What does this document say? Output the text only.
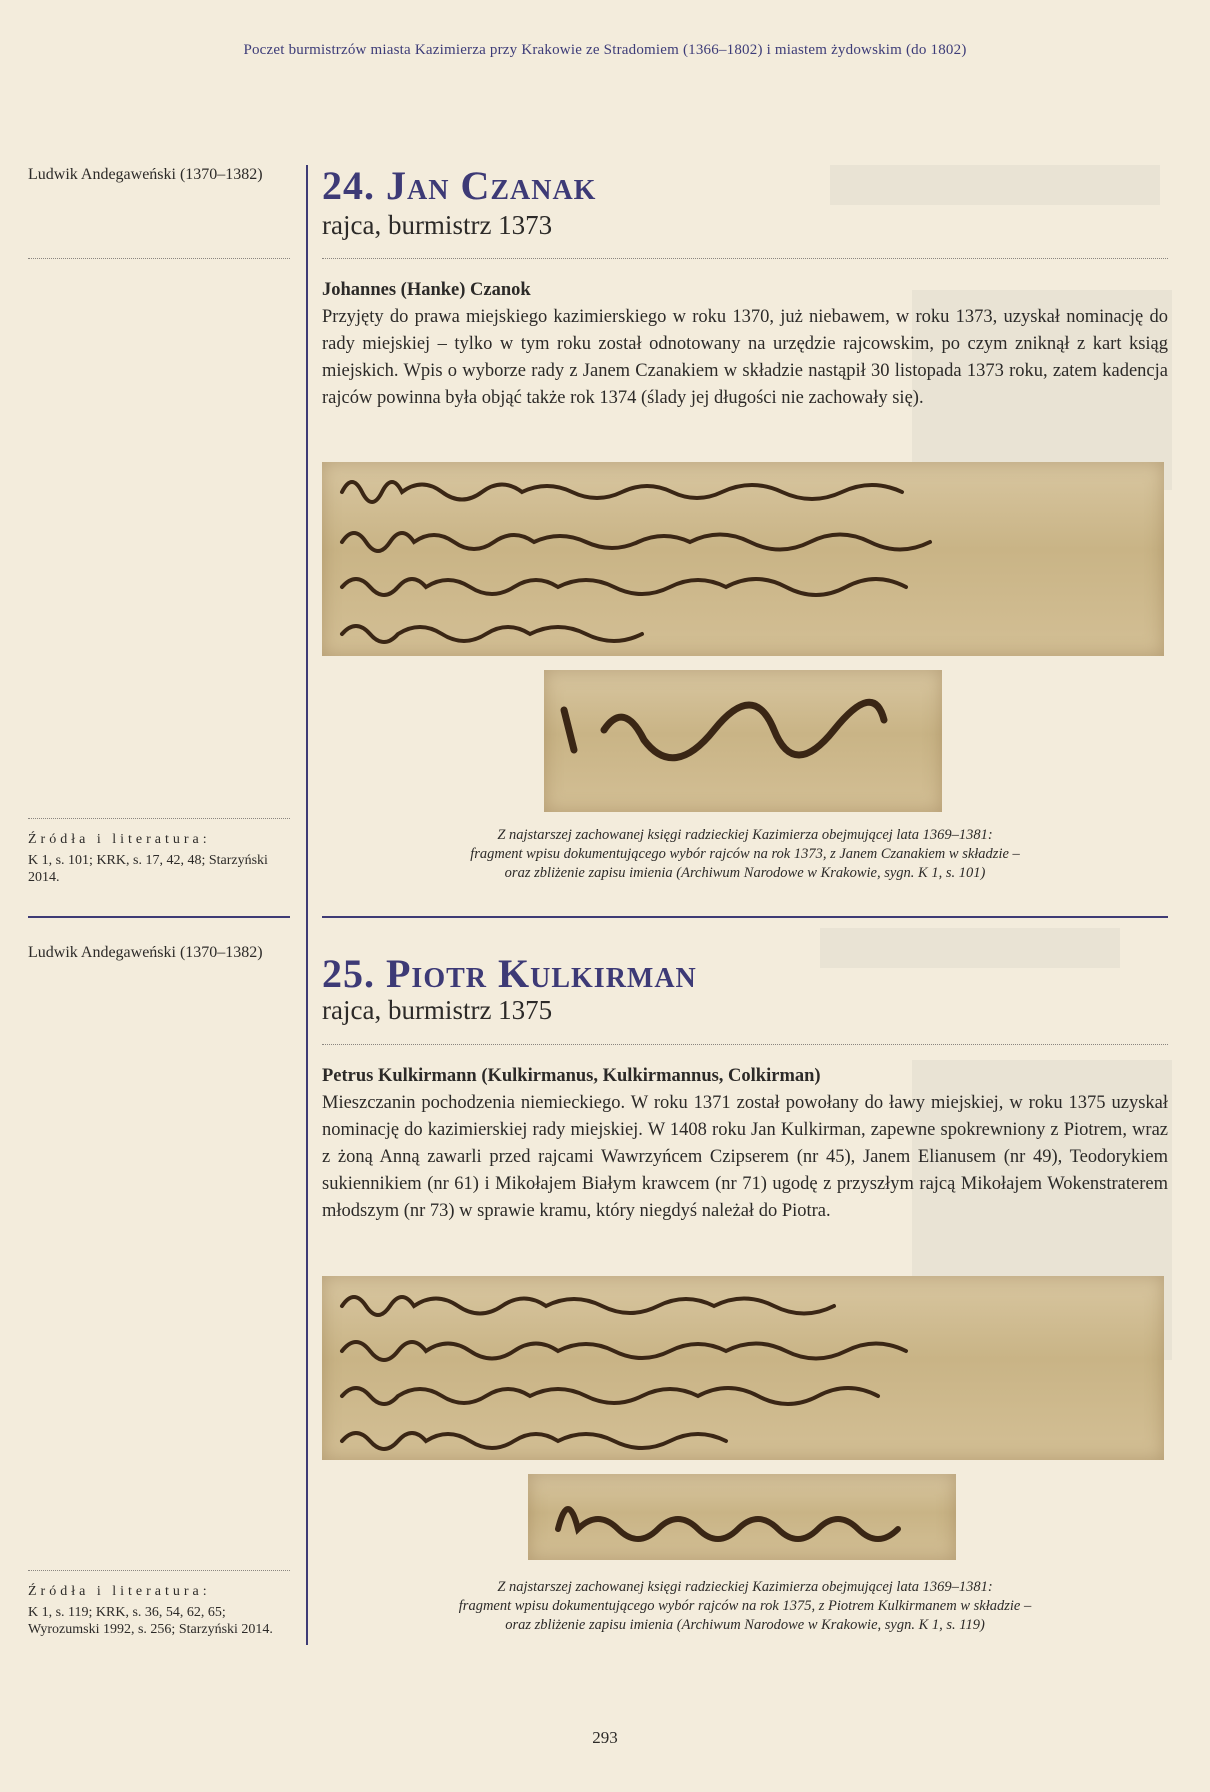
Poczet burmistrzów miasta Kazimierza przy Krakowie ze Stradomiem (1366–1802) i miastem żydowskim (do 1802)
Ludwik Andegaweński (1370–1382)	24. Jan Czanak
rajca, burmistrz 1373
Johannes (Hanke) Czanok
Przyjęty do prawa miejskiego kazimierskiego w roku 1370, już niebawem, w roku 1373, uzyskał nominację do rady miejskiej – tylko w tym roku został odnotowany na urzędzie rajcowskim, po czym zniknął z kart ksiąg miejskich. Wpis o wyborze rady z Janem Czanakiem w składzie nastąpił 30 listopada 1373 roku, zatem kadencja rajców powinna była objąć także rok 1374 (ślady jej długości nie zachowały się).
Z najstarszej zachowanej księgi radzieckiej Kazimierza obejmującej lata 1369–1381:
fragment wpisu dokumentującego wybór rajców na rok 1373, z Janem Czanakiem w składzie –
oraz zbliżenie zapisu imienia (Archiwum Narodowe w Krakowie, sygn. K 1, s. 101)
Źródła i literatura:
K 1, s. 101; KRK, s. 17, 42, 48; Starzyński 2014.
Ludwik Andegaweński (1370–1382)	25. Piotr Kulkirman
rajca, burmistrz 1375
Petrus Kulkirmann (Kulkirmanus, Kulkirmannus, Colkirman)
Mieszczanin pochodzenia niemieckiego. W roku 1371 został powołany do ławy miejskiej, w roku 1375 uzyskał nominację do kazimierskiej rady miejskiej. W 1408 roku Jan Kulkirman, zapewne spokrewniony z Piotrem, wraz z żoną Anną zawarli przed rajcami Wawrzyńcem Czipserem (nr 45), Janem Elianusem (nr 49), Teodorykiem sukiennikiem (nr 61) i Mikołajem Białym krawcem (nr 71) ugodę z przyszłym rajcą Mikołajem Wokenstraterem młodszym (nr 73) w sprawie kramu, który niegdyś należał do Piotra.
Z najstarszej zachowanej księgi radzieckiej Kazimierza obejmującej lata 1369–1381:
fragment wpisu dokumentującego wybór rajców na rok 1375, z Piotrem Kulkirmanem w składzie –
oraz zbliżenie zapisu imienia (Archiwum Narodowe w Krakowie, sygn. K 1, s. 119)
Źródła i literatura:
K 1, s. 119; KRK, s. 36, 54, 62, 65; Wyrozumski 1992, s. 256; Starzyński 2014.
293
